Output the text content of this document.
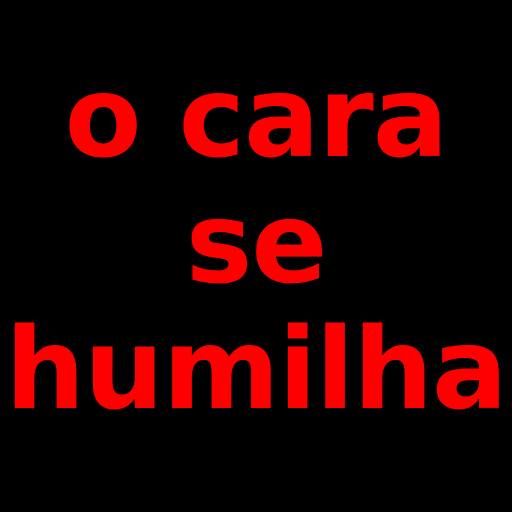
o cara
se
humilha
